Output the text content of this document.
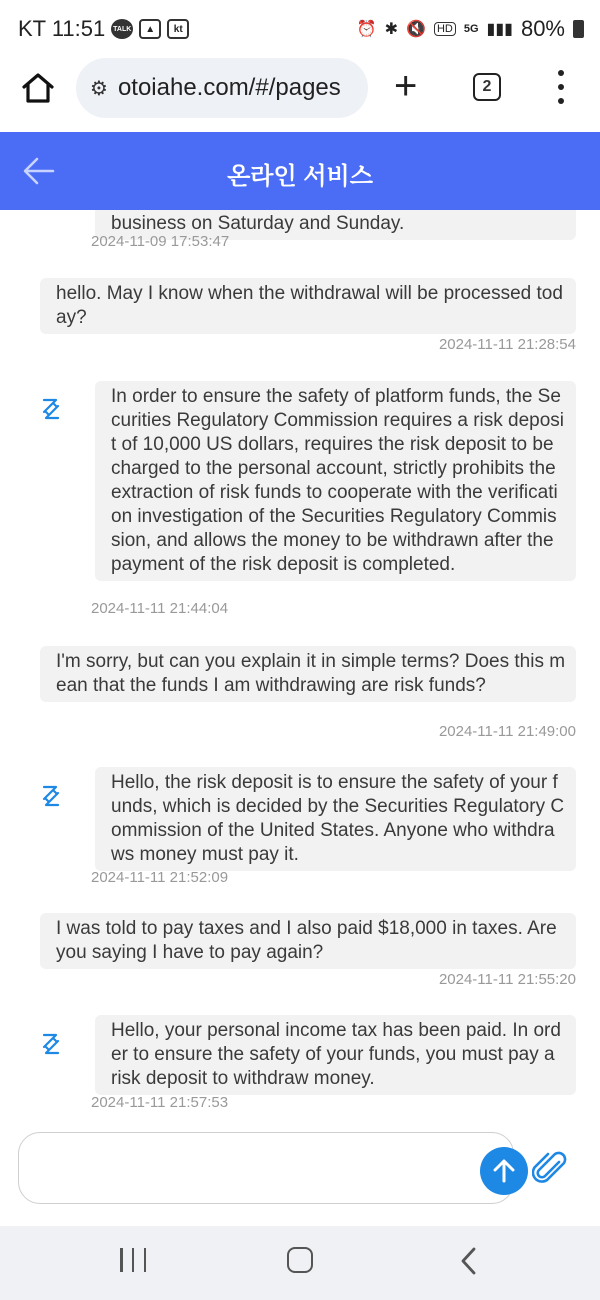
KT 11:51 TALK	▲	kt	⏰ ✱ 🔇 HD 5G ▮▮▮ 80%
⚙ otoiahe.com/#/pages +	2
온라인 서비스
business on Saturday and Sunday.
2024-11-09 17:53:47
hello. May I know when the withdrawal will be processed today?
2024-11-11 21:28:54
In order to ensure the safety of platform funds, the Securities Regulatory Commission requires a risk deposit of 10,000 US dollars, requires the risk deposit to be charged to the personal account, strictly prohibits the extraction of risk funds to cooperate with the verification investigation of the Securities Regulatory Commission, and allows the money to be withdrawn after the payment of the risk deposit is completed.
2024-11-11 21:44:04
I'm sorry, but can you explain it in simple terms? Does this mean that the funds I am withdrawing are risk funds?
2024-11-11 21:49:00
Hello, the risk deposit is to ensure the safety of your funds, which is decided by the Securities Regulatory Commission of the United States. Anyone who withdraws money must pay it.
2024-11-11 21:52:09
I was told to pay taxes and I also paid $18,000 in taxes. Are you saying I have to pay again?
2024-11-11 21:55:20
Hello, your personal income tax has been paid. In order to ensure the safety of your funds, you must pay a risk deposit to withdraw money.
2024-11-11 21:57:53
